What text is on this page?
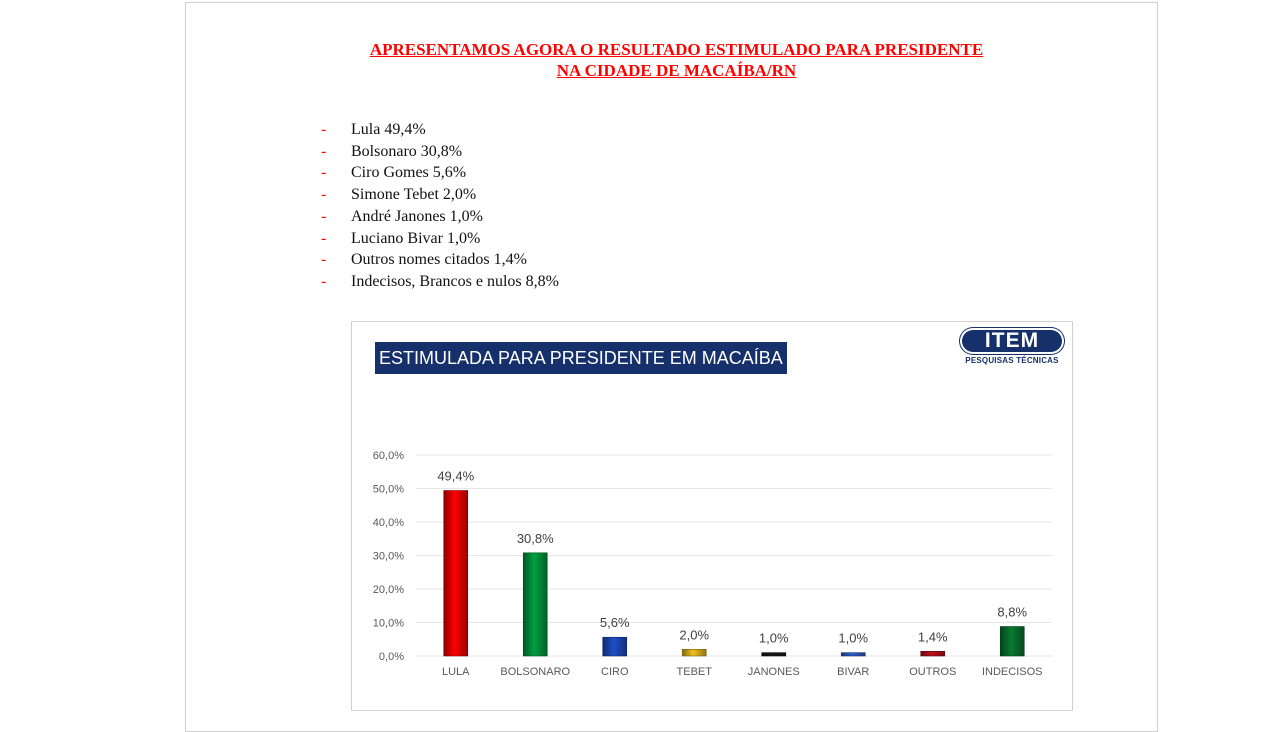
APRESENTAMOS AGORA O RESULTADO ESTIMULADO PARA PRESIDENTE
NA CIDADE DE MACAÍBA/RN
-	Lula 49,4%
-	Bolsonaro 30,8%
-	Ciro Gomes 5,6%
-	Simone Tebet 2,0%
-	André Janones 1,0%
-	Luciano Bivar 1,0%
-	Outros nomes citados 1,4%
-	Indecisos, Brancos e nulos 8,8%
ESTIMULADA PARA PRESIDENTE EM MACAÍBA
ITEM
PESQUISAS TÉCNICAS
0,0%
10,0%
20,0%
30,0%
40,0%
50,0%
60,0%
49,4%
LULA
30,8%
BOLSONARO
5,6%
CIRO
2,0%
TEBET
1,0%
JANONES
1,0%
BIVAR
1,4%
OUTROS
8,8%
INDECISOS
